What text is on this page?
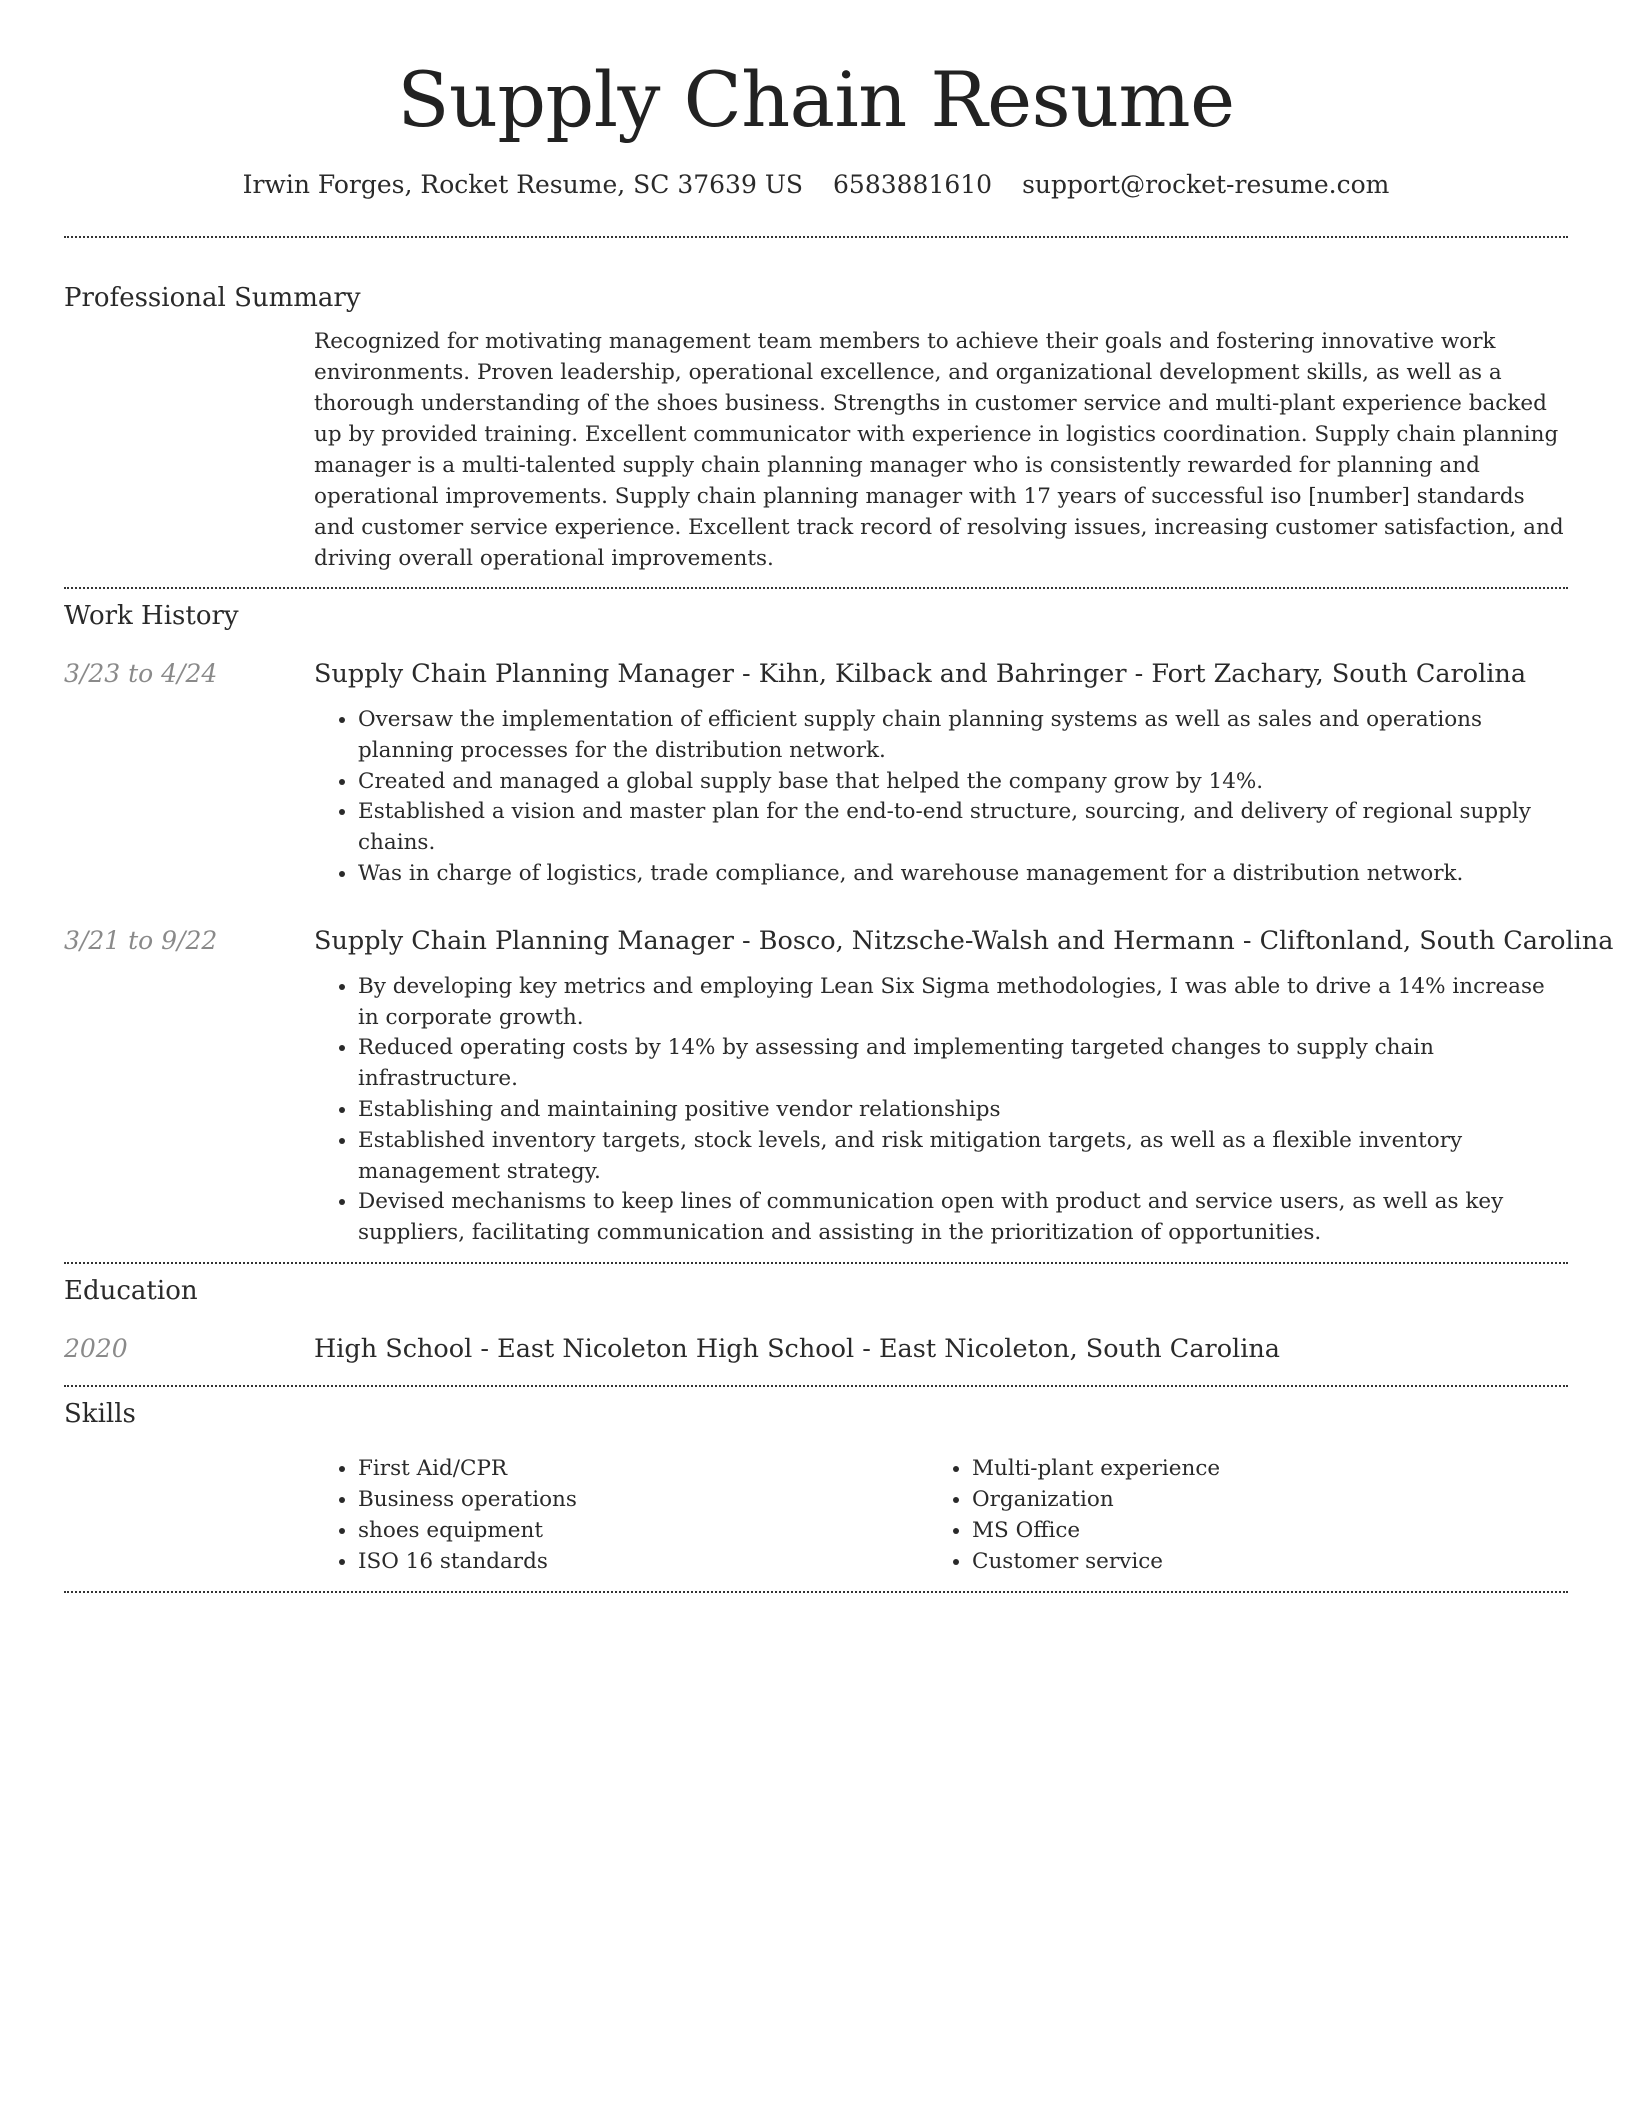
Supply Chain Resume
Irwin Forges, Rocket Resume, SC 37639 US 6583881610 support@rocket-resume.com
Professional Summary
Recognized for motivating management team members to achieve their goals and fostering innovative work environments. Proven leadership, operational excellence, and organizational development skills, as well as a thorough understanding of the shoes business. Strengths in customer service and multi-plant experience backed up by provided training. Excellent communicator with experience in logistics coordination. Supply chain planning manager is a multi-talented supply chain planning manager who is consistently rewarded for planning and operational improvements. Supply chain planning manager with 17 years of successful iso [number] standards and customer service experience. Excellent track record of resolving issues, increasing customer satisfaction, and driving overall operational improvements.
Work History
3/23 to 4/24	Supply Chain Planning Manager - Kihn, Kilback and Bahringer - Fort Zachary, South Carolina
• Oversaw the implementation of efficient supply chain planning systems as well as sales and operations planning processes for the distribution network.
• Created and managed a global supply base that helped the company grow by 14%.
• Established a vision and master plan for the end-to-end structure, sourcing, and delivery of regional supply chains.
• Was in charge of logistics, trade compliance, and warehouse management for a distribution network.
3/21 to 9/22	Supply Chain Planning Manager - Bosco, Nitzsche-Walsh and Hermann - Cliftonland, South Carolina
• By developing key metrics and employing Lean Six Sigma methodologies, I was able to drive a 14% increase in corporate growth.
• Reduced operating costs by 14% by assessing and implementing targeted changes to supply chain infrastructure.
• Establishing and maintaining positive vendor relationships
• Established inventory targets, stock levels, and risk mitigation targets, as well as a flexible inventory management strategy.
• Devised mechanisms to keep lines of communication open with product and service users, as well as key suppliers, facilitating communication and assisting in the prioritization of opportunities.
Education
2020	High School - East Nicoleton High School - East Nicoleton, South Carolina
Skills
• First Aid/CPR
• Business operations
• shoes equipment
• ISO 16 standards
• Multi-plant experience
• Organization
• MS Office
• Customer service
